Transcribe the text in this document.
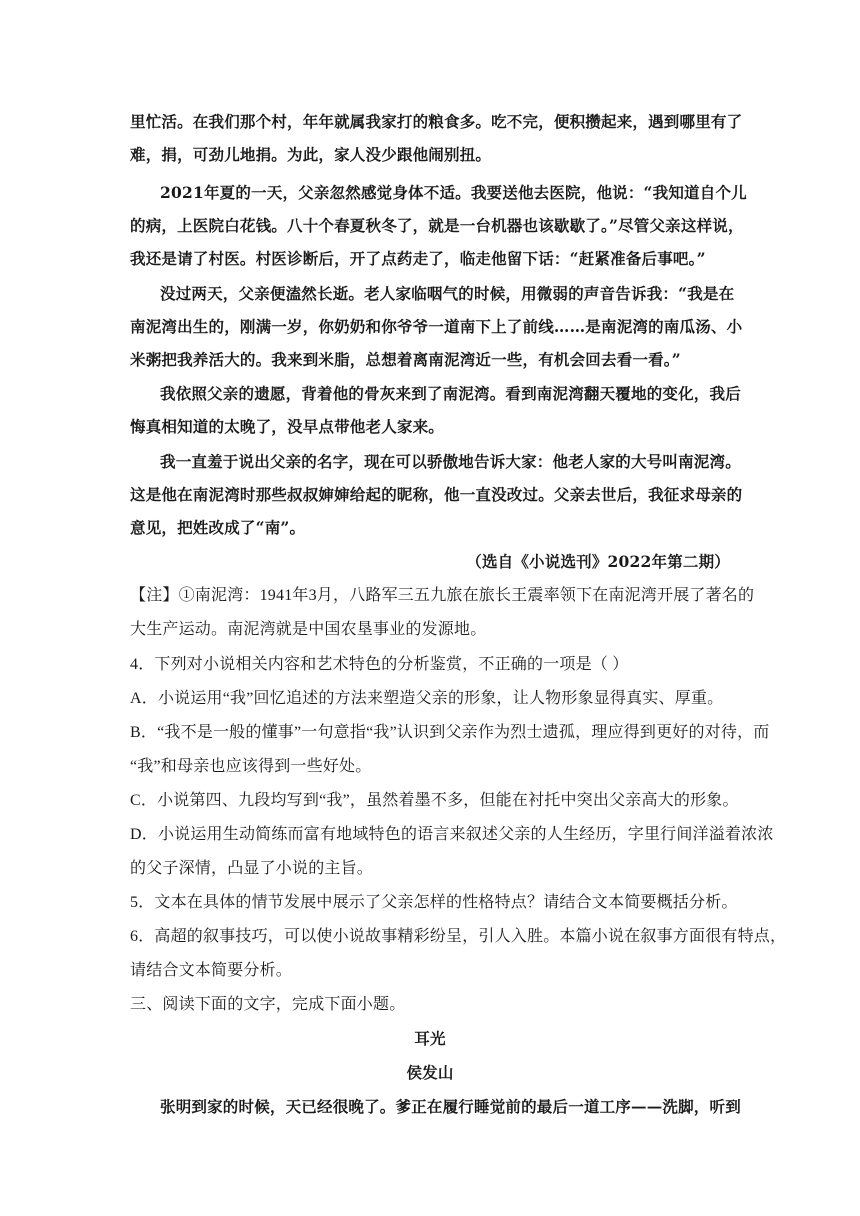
里忙活。在我们那个村，年年就属我家打的粮食多。吃不完，便积攒起来，遇到哪里有了
难，捐，可劲儿地捐。为此，家人没少跟他闹别扭。
2021年夏的一天，父亲忽然感觉身体不适。我要送他去医院，他说：“我知道自个儿
的病，上医院白花钱。八十个春夏秋冬了，就是一台机器也该歇歇了。”尽管父亲这样说，
我还是请了村医。村医诊断后，开了点药走了，临走他留下话：“赶紧准备后事吧。”
没过两天，父亲便溘然长逝。老人家临咽气的时候，用微弱的声音告诉我：“我是在
南泥湾出生的，刚满一岁，你奶奶和你爷爷一道南下上了前线……是南泥湾的南瓜汤、小
米粥把我养活大的。我来到米脂，总想着离南泥湾近一些，有机会回去看一看。”
我依照父亲的遗愿，背着他的骨灰来到了南泥湾。看到南泥湾翻天覆地的变化，我后
悔真相知道的太晚了，没早点带他老人家来。
我一直羞于说出父亲的名字，现在可以骄傲地告诉大家：他老人家的大号叫南泥湾。
这是他在南泥湾时那些叔叔婶婶给起的昵称，他一直没改过。父亲去世后，我征求母亲的
意见，把姓改成了“南”。
（选自《小说选刊》2022年第二期）
【注】①南泥湾：1941年3月，八路军三五九旅在旅长王震率领下在南泥湾开展了著名的
大生产运动。南泥湾就是中国农垦事业的发源地。
4．下列对小说相关内容和艺术特色的分析鉴赏，不正确的一项是（ ）
A．小说运用“我”回忆追述的方法来塑造父亲的形象，让人物形象显得真实、厚重。
B．“我不是一般的懂事”一句意指“我”认识到父亲作为烈士遗孤，理应得到更好的对待，而
“我”和母亲也应该得到一些好处。
C．小说第四、九段均写到“我”，虽然着墨不多，但能在衬托中突出父亲高大的形象。
D．小说运用生动简练而富有地域特色的语言来叙述父亲的人生经历，字里行间洋溢着浓浓
的父子深情，凸显了小说的主旨。
5．文本在具体的情节发展中展示了父亲怎样的性格特点？请结合文本简要概括分析。
6．高超的叙事技巧，可以使小说故事精彩纷呈，引人入胜。本篇小说在叙事方面很有特点，
请结合文本简要分析。
三、阅读下面的文字，完成下面小题。
耳光
侯发山
张明到家的时候，天已经很晚了。爹正在履行睡觉前的最后一道工序——洗脚，听到
